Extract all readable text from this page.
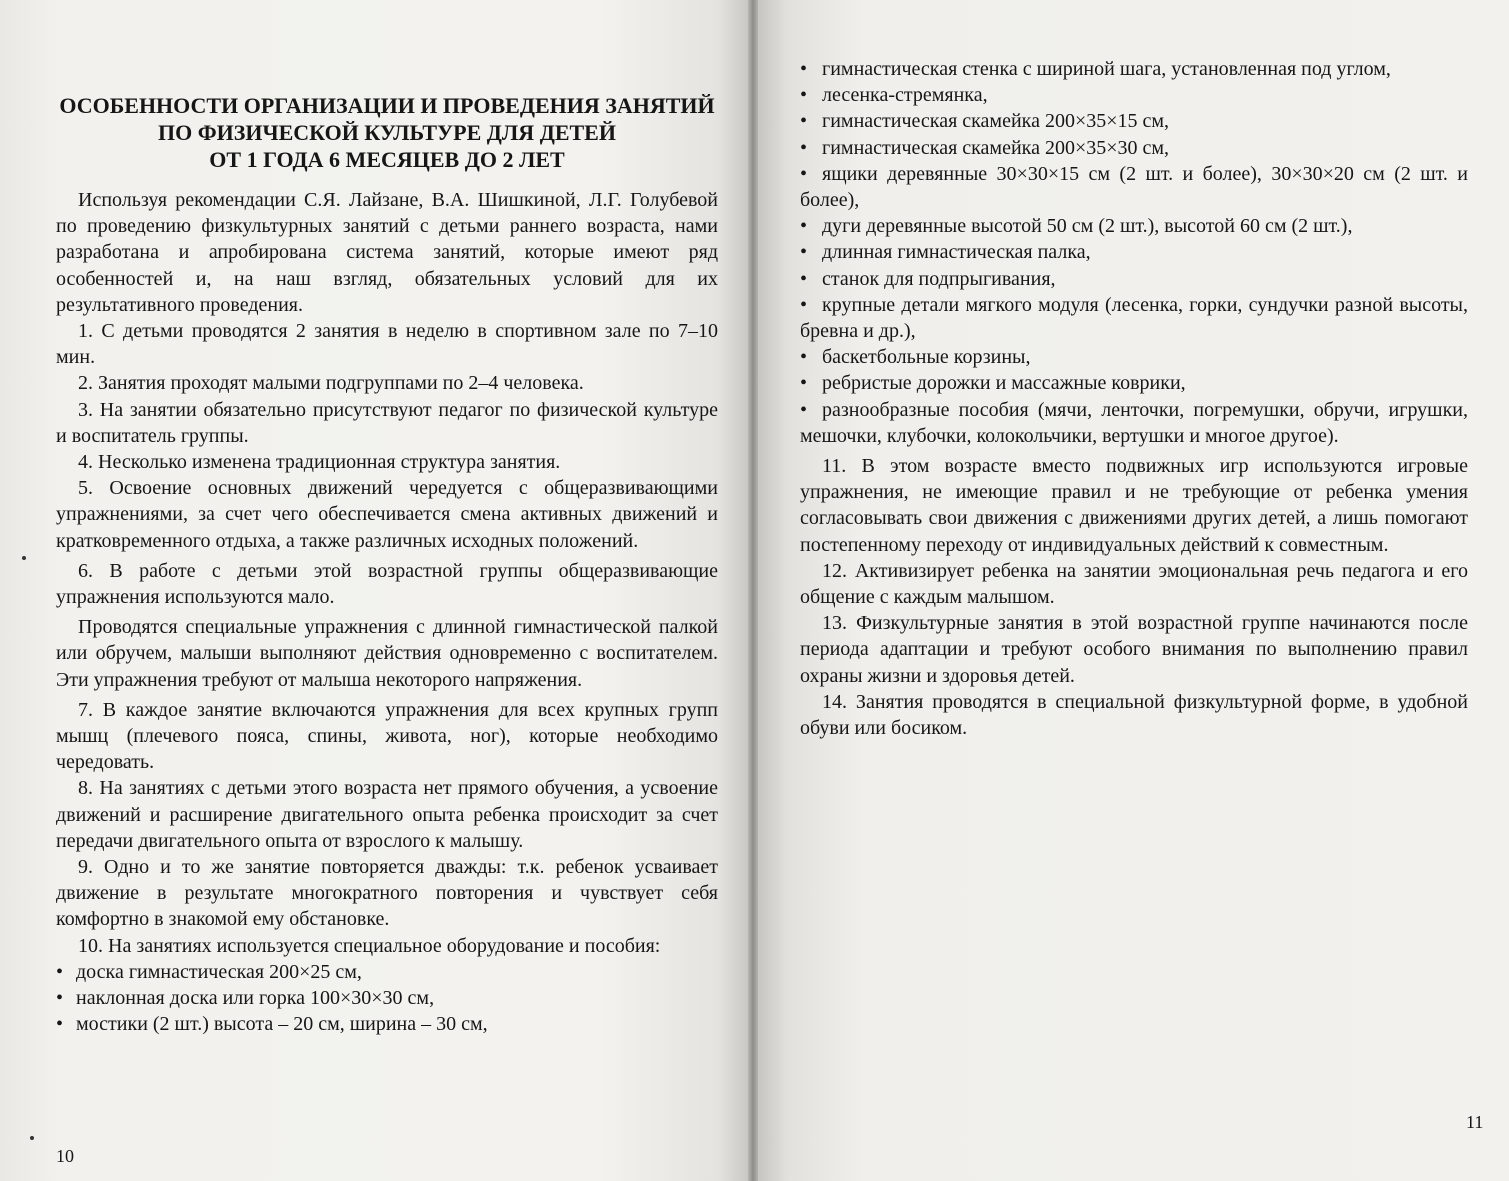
ОСОБЕННОСТИ ОРГАНИЗАЦИИ И ПРОВЕДЕНИЯ ЗАНЯТИЙ
ПО ФИЗИЧЕСКОЙ КУЛЬТУРЕ ДЛЯ ДЕТЕЙ
ОТ 1 ГОДА 6 МЕСЯЦЕВ ДО 2 ЛЕТ

Используя рекомендации С.Я. Лайзане, В.А. Шишкиной, Л.Г. Голубевой по проведению физкультурных занятий с детьми раннего возраста, нами разработана и апробирована система занятий, которые имеют ряд особенностей и, на наш взгляд, обязательных условий для их результативного проведения.

1. С детьми проводятся 2 занятия в неделю в спортивном зале по 7–10 мин.

2. Занятия проходят малыми подгруппами по 2–4 человека.

3. На занятии обязательно присутствуют педагог по физической культуре и воспитатель группы.

4. Несколько изменена традиционная структура занятия.

5. Освоение основных движений чередуется с общеразвивающими упражнениями, за счет чего обеспечивается смена активных движений и кратковременного отдыха, а также различных исходных положений.

6. В работе с детьми этой возрастной группы общеразвивающие упражнения используются мало.

Проводятся специальные упражнения с длинной гимнастической палкой или обручем, малыши выполняют действия одновременно с воспитателем. Эти упражнения требуют от малыша некоторого напряжения.

7. В каждое занятие включаются упражнения для всех крупных групп мышц (плечевого пояса, спины, живота, ног), которые необходимо чередовать.

8. На занятиях с детьми этого возраста нет прямого обучения, а усвоение движений и расширение двигательного опыта ребенка происходит за счет передачи двигательного опыта от взрослого к малышу.

9. Одно и то же занятие повторяется дважды: т.к. ребенок усваивает движение в результате многократного повторения и чувствует себя комфортно в знакомой ему обстановке.

10. На занятиях используется специальное оборудование и пособия:

• доска гимнастическая 200×25 см,
• наклонная доска или горка 100×30×30 см,
• мостики (2 шт.) высота – 20 см, ширина – 30 см,
10
• гимнастическая стенка с шириной шага, установленная под углом,
• лесенка-стремянка,
• гимнастическая скамейка 200×35×15 см,
• гимнастическая скамейка 200×35×30 см,
• ящики деревянные 30×30×15 см (2 шт. и более), 30×30×20 см (2 шт. и более),
• дуги деревянные высотой 50 см (2 шт.), высотой 60 см (2 шт.),
• длинная гимнастическая палка,
• станок для подпрыгивания,
• крупные детали мягкого модуля (лесенка, горки, сундучки разной высоты, бревна и др.),
• баскетбольные корзины,
• ребристые дорожки и массажные коврики,
• разнообразные пособия (мячи, ленточки, погремушки, обручи, игрушки, мешочки, клубочки, колокольчики, вертушки и многое другое).

11. В этом возрасте вместо подвижных игр используются игровые упражнения, не имеющие правил и не требующие от ребенка умения согласовывать свои движения с движениями других детей, а лишь помогают постепенному переходу от индивидуальных действий к совместным.

12. Активизирует ребенка на занятии эмоциональная речь педагога и его общение с каждым малышом.

13. Физкультурные занятия в этой возрастной группе начинаются после периода адаптации и требуют особого внимания по выполнению правил охраны жизни и здоровья детей.

14. Занятия проводятся в специальной физкультурной форме, в удобной обуви или босиком.

11
